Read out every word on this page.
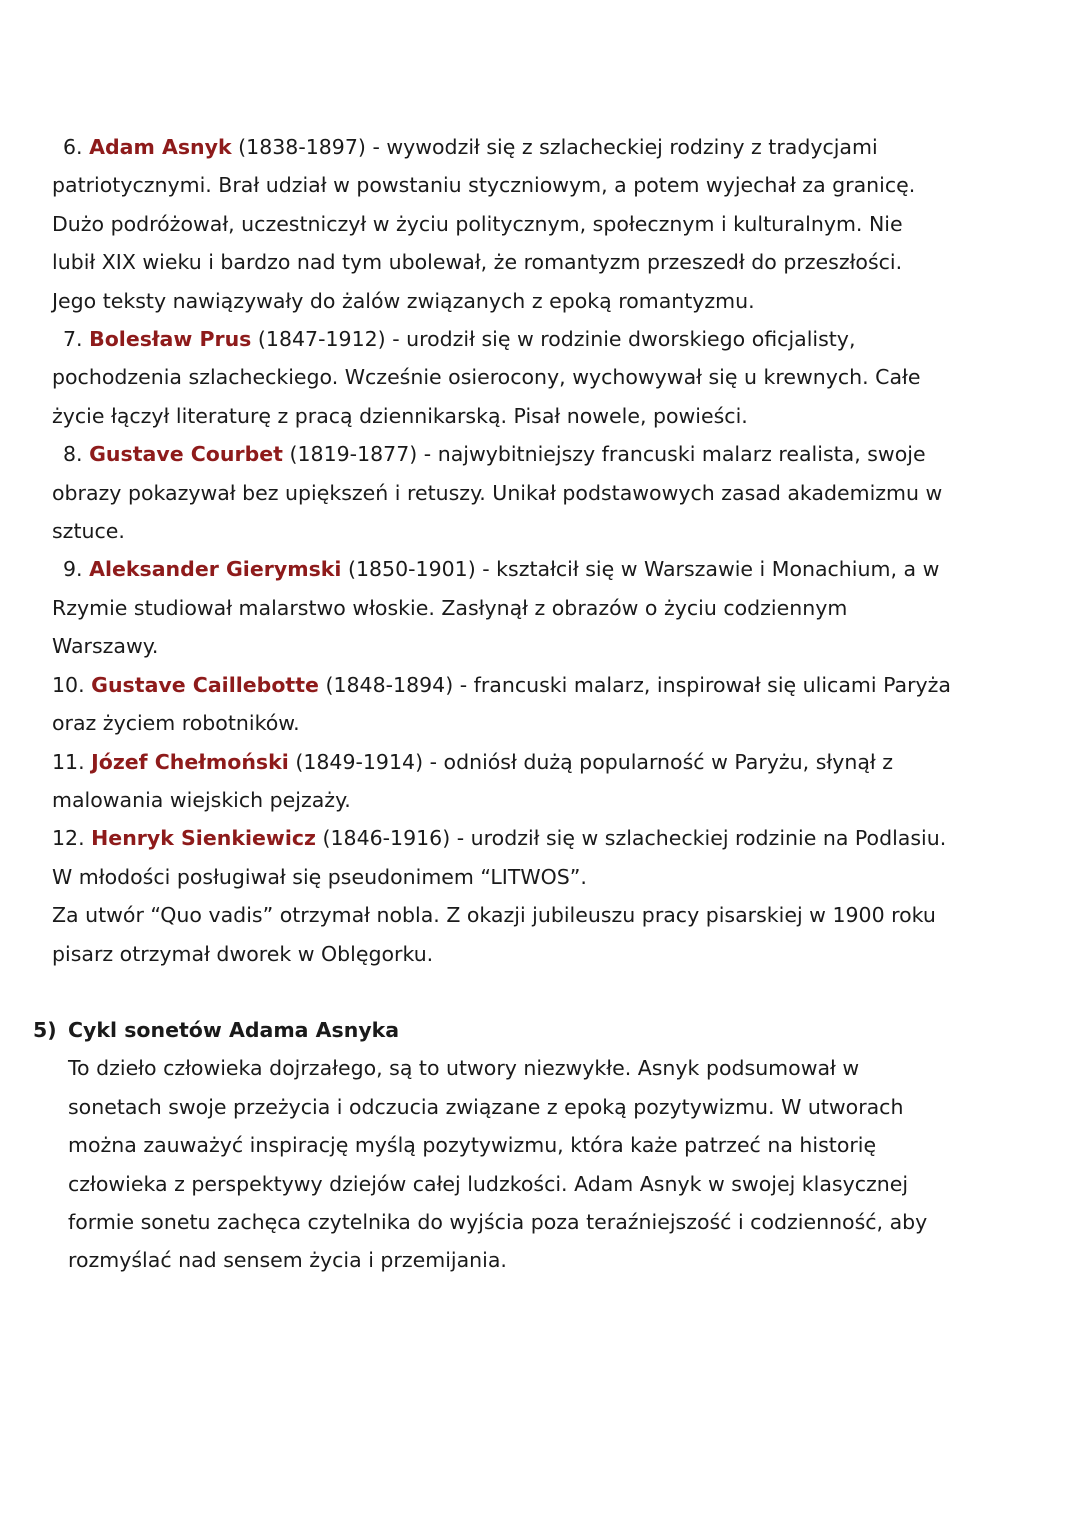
6. Adam Asnyk (1838-1897) - wywodził się z szlacheckiej rodziny z tradycjami patriotycznymi. Brał udział w powstaniu styczniowym, a potem wyjechał za granicę. Dużo podróżował, uczestniczył w życiu politycznym, społecznym i kulturalnym. Nie lubił XIX wieku i bardzo nad tym ubolewał, że romantyzm przeszedł do przeszłości. Jego teksty nawiązywały do żalów związanych z epoką romantyzmu.

7. Bolesław Prus (1847-1912) - urodził się w rodzinie dworskiego oficjalisty, pochodzenia szlacheckiego. Wcześnie osierocony, wychowywał się u krewnych. Całe życie łączył literaturę z pracą dziennikarską. Pisał nowele, powieści.

8. Gustave Courbet (1819-1877) - najwybitniejszy francuski malarz realista, swoje obrazy pokazywał bez upiększeń i retuszy. Unikał podstawowych zasad akademizmu w sztuce.

9. Aleksander Gierymski (1850-1901) - kształcił się w Warszawie i Monachium, a w Rzymie studiował malarstwo włoskie. Zasłynął z obrazów o życiu codziennym Warszawy.

10. Gustave Caillebotte (1848-1894) - francuski malarz, inspirował się ulicami Paryża oraz życiem robotników.

11. Józef Chełmoński (1849-1914) - odniósł dużą popularność w Paryżu, słynął z malowania wiejskich pejzaży.

12. Henryk Sienkiewicz (1846-1916) - urodził się w szlacheckiej rodzinie na Podlasiu. W młodości posługiwał się pseudonimem “LITWOS”.

Za utwór “Quo vadis” otrzymał nobla. Z okazji jubileuszu pracy pisarskiej w 1900 roku pisarz otrzymał dworek w Oblęgorku.

5) Cykl sonetów Adama Asnyka

To dzieło człowieka dojrzałego, są to utwory niezwykłe. Asnyk podsumował w sonetach swoje przeżycia i odczucia związane z epoką pozytywizmu. W utworach można zauważyć inspirację myślą pozytywizmu, która każe patrzeć na historię człowieka z perspektywy dziejów całej ludzkości. Adam Asnyk w swojej klasycznej formie sonetu zachęca czytelnika do wyjścia poza teraźniejszość i codzienność, aby rozmyślać nad sensem życia i przemijania.
